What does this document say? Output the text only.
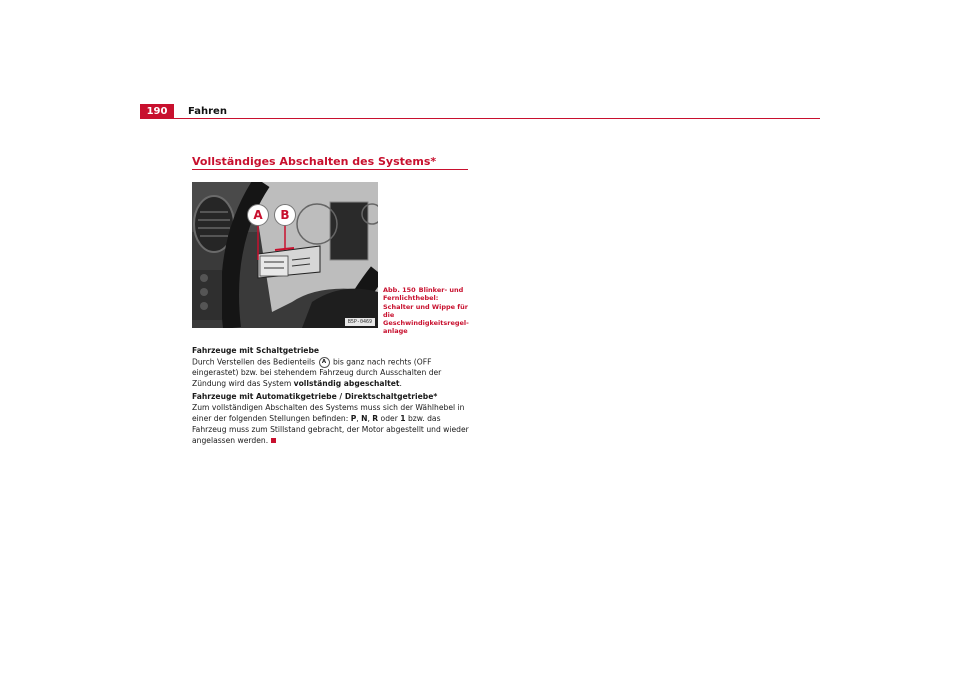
190	Fahren
Vollständiges Abschalten des Systems*
A	B
B5P-0469
Abb. 150 Blinker- und Fernlichthebel: Schalter und Wippe für die Geschwindigkeitsregelanlage

Fahrzeuge mit Schaltgetriebe

Durch Verstellen des Bedienteils A bis ganz nach rechts (OFF eingerastet) bzw. bei stehendem Fahrzeug durch Ausschalten der Zündung wird das System vollständig abgeschaltet.

Fahrzeuge mit Automatikgetriebe / Direktschaltgetriebe*

Zum vollständigen Abschalten des Systems muss sich der Wählhebel in einer der folgenden Stellungen befinden: P, N, R oder 1 bzw. das Fahrzeug muss zum Stillstand gebracht, der Motor abgestellt und wieder angelassen werden.
